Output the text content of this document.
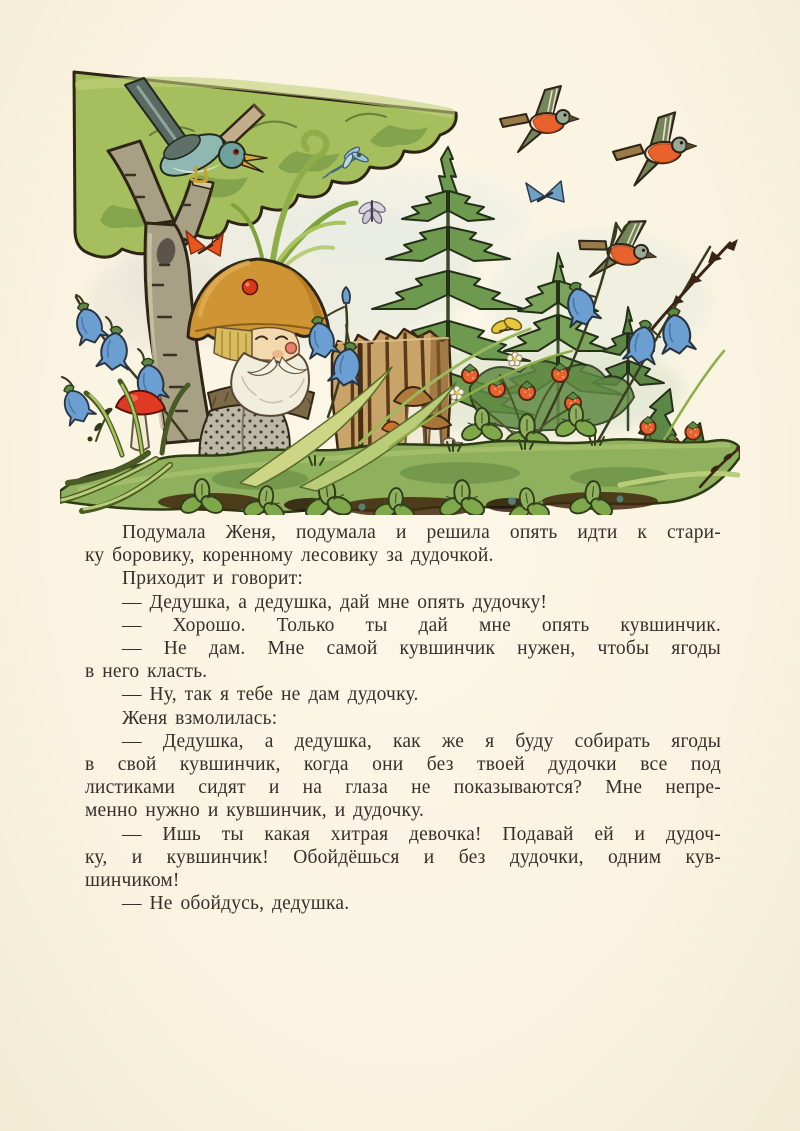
Подумала Женя, подумала и решила опять идти к стари-
ку боровику, коренному лесовику за дудочкой.
Приходит и говорит:
— Дедушка, а дедушка, дай мне опять дудочку!
— Хорошо. Только ты дай мне опять кувшинчик.
— Не дам. Мне самой кувшинчик нужен, чтобы ягоды
в него класть.
— Ну, так я тебе не дам дудочку.
Женя взмолилась:
— Дедушка, а дедушка, как же я буду собирать ягоды
в свой кувшинчик, когда они без твоей дудочки все под
листиками сидят и на глаза не показываются? Мне непре-
менно нужно и кувшинчик, и дудочку.
— Ишь ты какая хитрая девочка! Подавай ей и дудоч-
ку, и кувшинчик! Обойдёшься и без дудочки, одним кув-
шинчиком!
— Не обойдусь, дедушка.
